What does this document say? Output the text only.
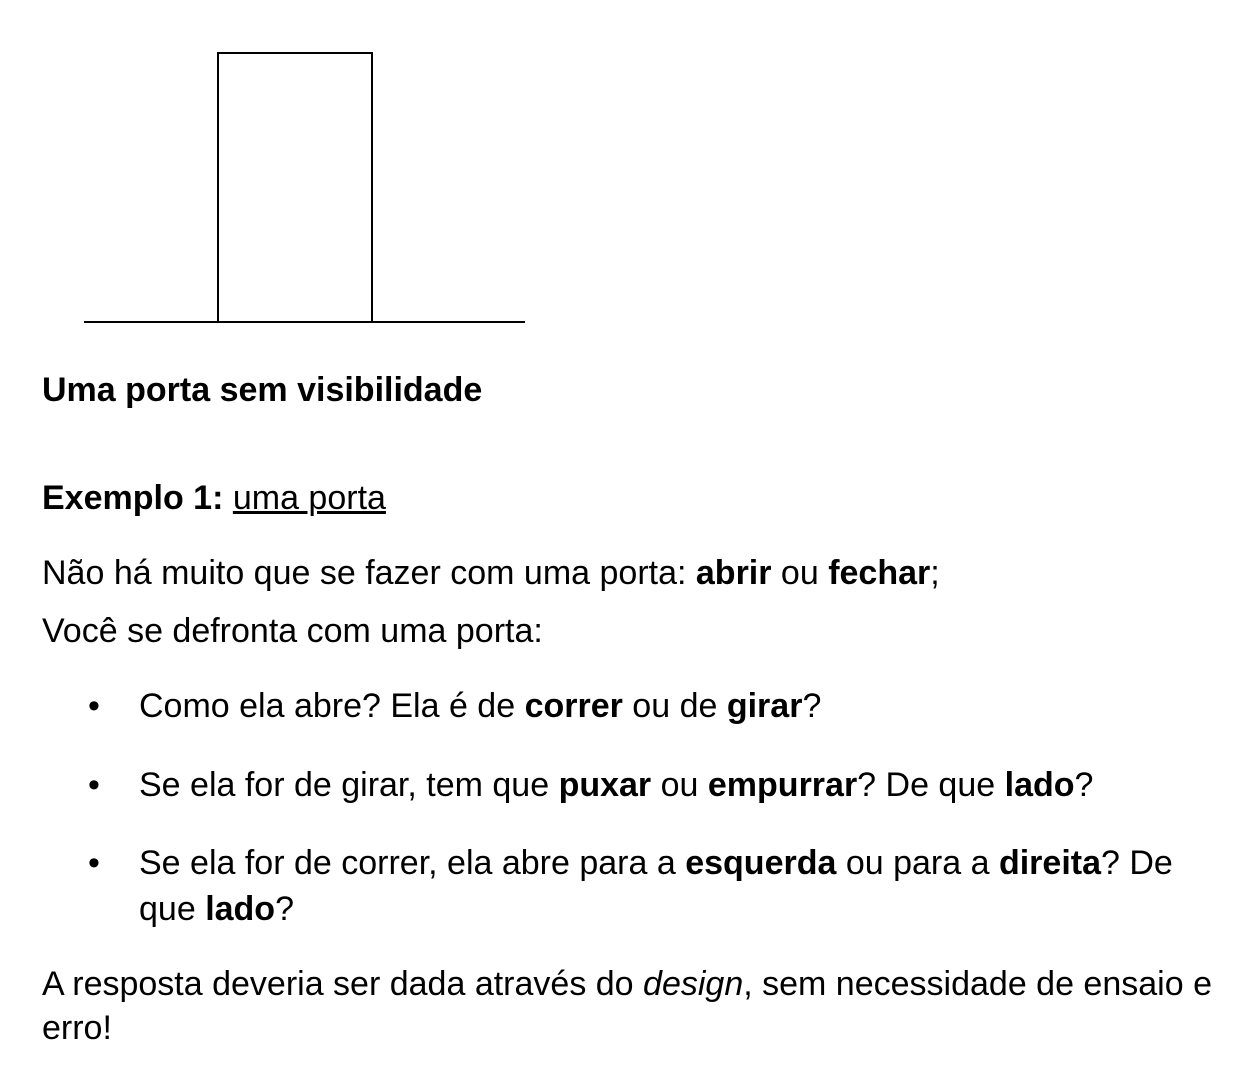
Uma porta sem visibilidade
Exemplo 1: uma porta
Não há muito que se fazer com uma porta: abrir ou fechar;
Você se defronta com uma porta:
•	Como ela abre? Ela é de correr ou de girar?
•	Se ela for de girar, tem que puxar ou empurrar? De que lado?
•	Se ela for de correr, ela abre para a esquerda ou para a direita? De que lado?
A resposta deveria ser dada através do design, sem necessidade de ensaio e erro!
